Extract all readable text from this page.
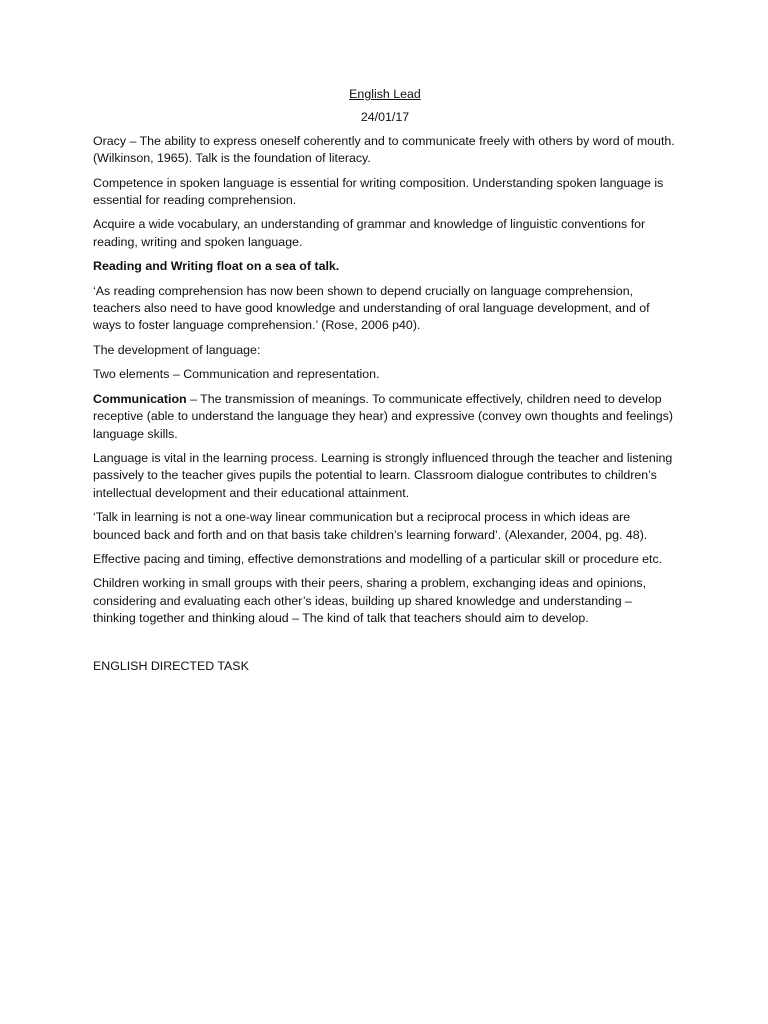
English Lead
24/01/17

Oracy – The ability to express oneself coherently and to communicate freely with others by word of mouth. (Wilkinson, 1965). Talk is the foundation of literacy.

Competence in spoken language is essential for writing composition. Understanding spoken language is essential for reading comprehension.

Acquire a wide vocabulary, an understanding of grammar and knowledge of linguistic conventions for reading, writing and spoken language.

Reading and Writing float on a sea of talk.

‘As reading comprehension has now been shown to depend crucially on language comprehension, teachers also need to have good knowledge and understanding of oral language development, and of ways to foster language comprehension.’ (Rose, 2006 p40).

The development of language:

Two elements – Communication and representation.

Communication – The transmission of meanings. To communicate effectively, children need to develop receptive (able to understand the language they hear) and expressive (convey own thoughts and feelings) language skills.

Language is vital in the learning process. Learning is strongly influenced through the teacher and listening passively to the teacher gives pupils the potential to learn. Classroom dialogue contributes to children’s intellectual development and their educational attainment.

‘Talk in learning is not a one-way linear communication but a reciprocal process in which ideas are bounced back and forth and on that basis take children’s learning forward’. (Alexander, 2004, pg. 48).

Effective pacing and timing, effective demonstrations and modelling of a particular skill or procedure etc.

Children working in small groups with their peers, sharing a problem, exchanging ideas and opinions, considering and evaluating each other’s ideas, building up shared knowledge and understanding – thinking together and thinking aloud – The kind of talk that teachers should aim to develop.

ENGLISH DIRECTED TASK
